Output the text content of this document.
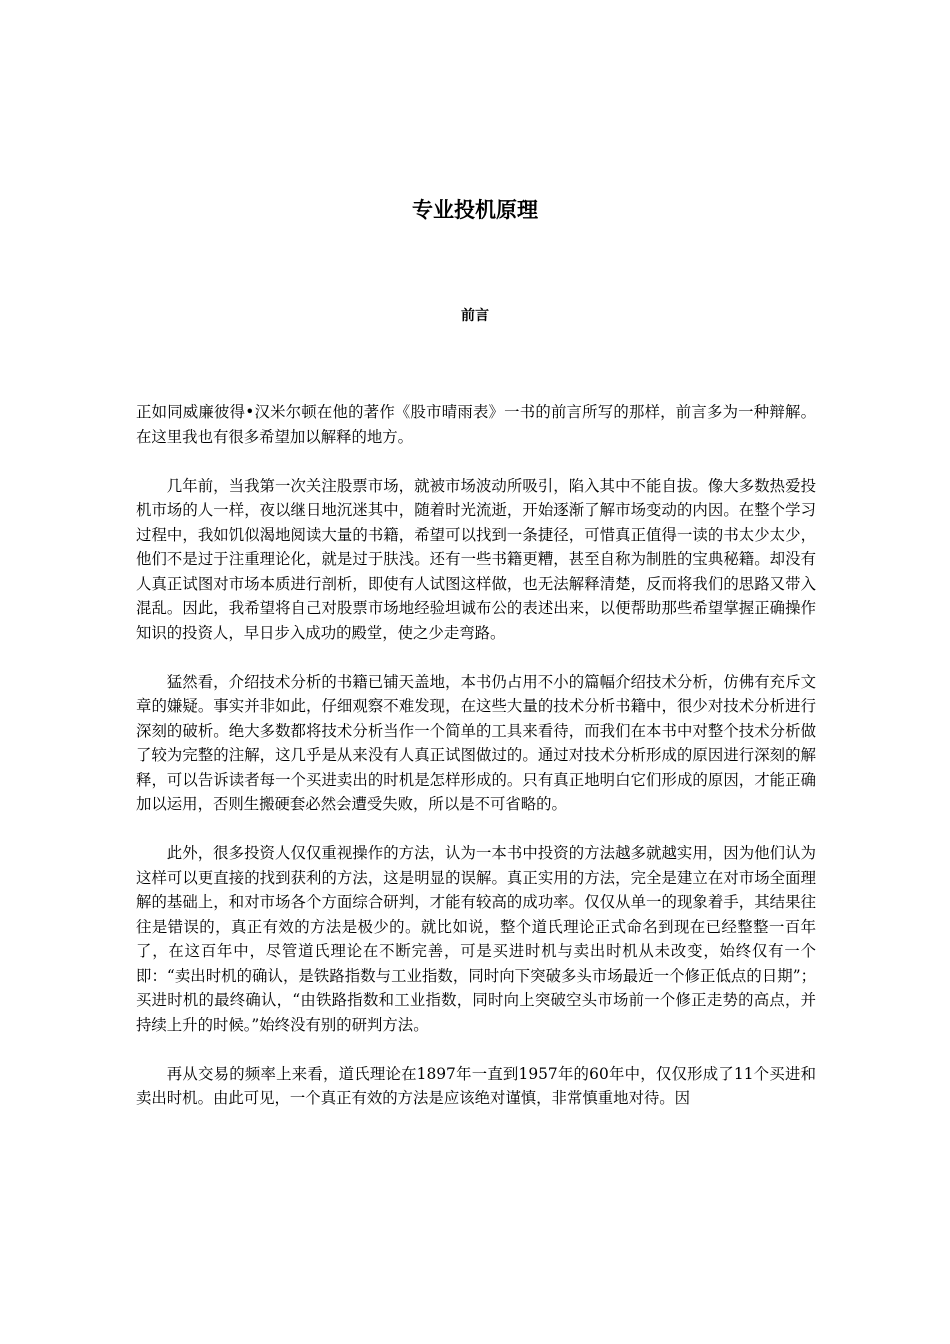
专业投机原理
前言

正如同威廉彼得•汉米尔顿在他的著作《股市晴雨表》一书的前言所写的那样，前言多为一种辩解。在这里我也有很多希望加以解释的地方。

几年前，当我第一次关注股票市场，就被市场波动所吸引，陷入其中不能自拔。像大多数热爱投机市场的人一样，夜以继日地沉迷其中，随着时光流逝，开始逐渐了解市场变动的内因。在整个学习过程中，我如饥似渴地阅读大量的书籍，希望可以找到一条捷径，可惜真正值得一读的书太少太少，他们不是过于注重理论化，就是过于肤浅。还有一些书籍更糟，甚至自称为制胜的宝典秘籍。却没有人真正试图对市场本质进行剖析，即使有人试图这样做，也无法解释清楚，反而将我们的思路又带入混乱。因此，我希望将自己对股票市场地经验坦诚布公的表述出来，以便帮助那些希望掌握正确操作知识的投资人，早日步入成功的殿堂，使之少走弯路。

猛然看，介绍技术分析的书籍已铺天盖地，本书仍占用不小的篇幅介绍技术分析，仿佛有充斥文章的嫌疑。事实并非如此，仔细观察不难发现，在这些大量的技术分析书籍中，很少对技术分析进行深刻的破析。绝大多数都将技术分析当作一个简单的工具来看待，而我们在本书中对整个技术分析做了较为完整的注解，这几乎是从来没有人真正试图做过的。通过对技术分析形成的原因进行深刻的解释，可以告诉读者每一个买进卖出的时机是怎样形成的。只有真正地明白它们形成的原因，才能正确加以运用，否则生搬硬套必然会遭受失败，所以是不可省略的。

此外，很多投资人仅仅重视操作的方法，认为一本书中投资的方法越多就越实用，因为他们认为这样可以更直接的找到获利的方法，这是明显的误解。真正实用的方法，完全是建立在对市场全面理解的基础上，和对市场各个方面综合研判，才能有较高的成功率。仅仅从单一的现象着手，其结果往往是错误的，真正有效的方法是极少的。就比如说，整个道氏理论正式命名到现在已经整整一百年了，在这百年中，尽管道氏理论在不断完善，可是买进时机与卖出时机从未改变，始终仅有一个即：“卖出时机的确认，是铁路指数与工业指数，同时向下突破多头市场最近一个修正低点的日期”；买进时机的最终确认，“由铁路指数和工业指数，同时向上突破空头市场前一个修正走势的高点，并持续上升的时候。”始终没有别的研判方法。

再从交易的频率上来看，道氏理论在1897年一直到1957年的60年中，仅仅形成了11个买进和卖出时机。由此可见，一个真正有效的方法是应该绝对谨慎，非常慎重地对待。因
